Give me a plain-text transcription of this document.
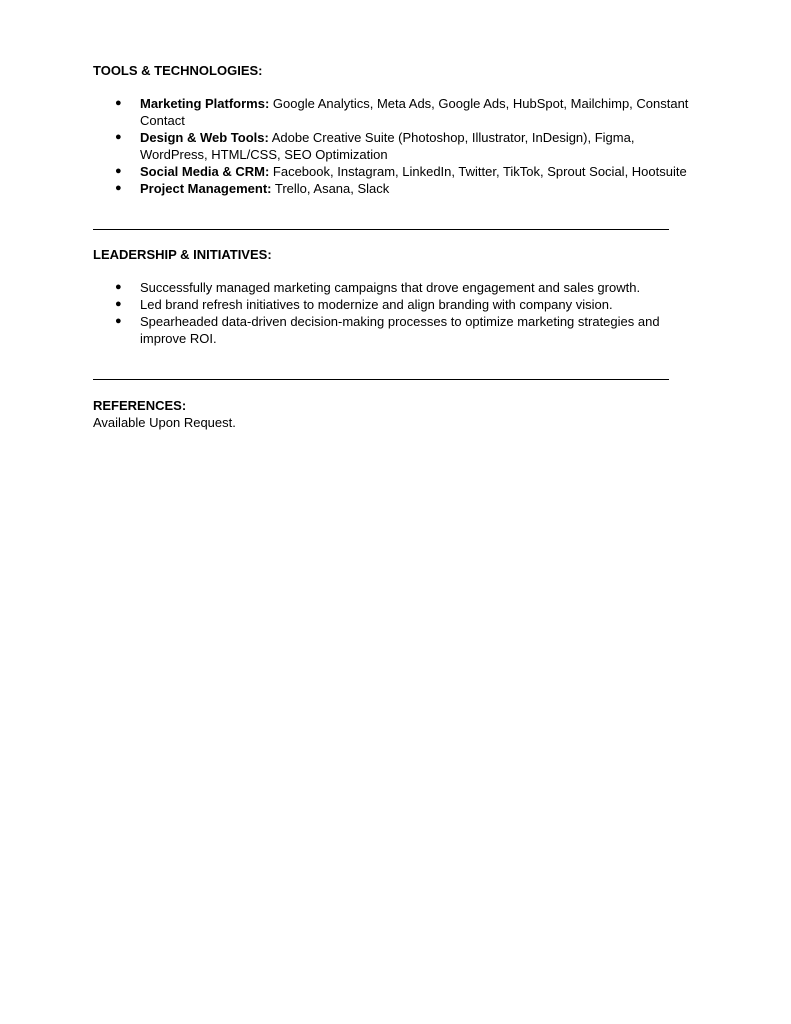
TOOLS & TECHNOLOGIES:

● Marketing Platforms: Google Analytics, Meta Ads, Google Ads, HubSpot, Mailchimp, Constant Contact
● Design & Web Tools: Adobe Creative Suite (Photoshop, Illustrator, InDesign), Figma, WordPress, HTML/CSS, SEO Optimization
● Social Media & CRM: Facebook, Instagram, LinkedIn, Twitter, TikTok, Sprout Social, Hootsuite
● Project Management: Trello, Asana, Slack

LEADERSHIP & INITIATIVES:

● Successfully managed marketing campaigns that drove engagement and sales growth.
● Led brand refresh initiatives to modernize and align branding with company vision.
● Spearheaded data-driven decision-making processes to optimize marketing strategies and improve ROI.

REFERENCES:

Available Upon Request.
